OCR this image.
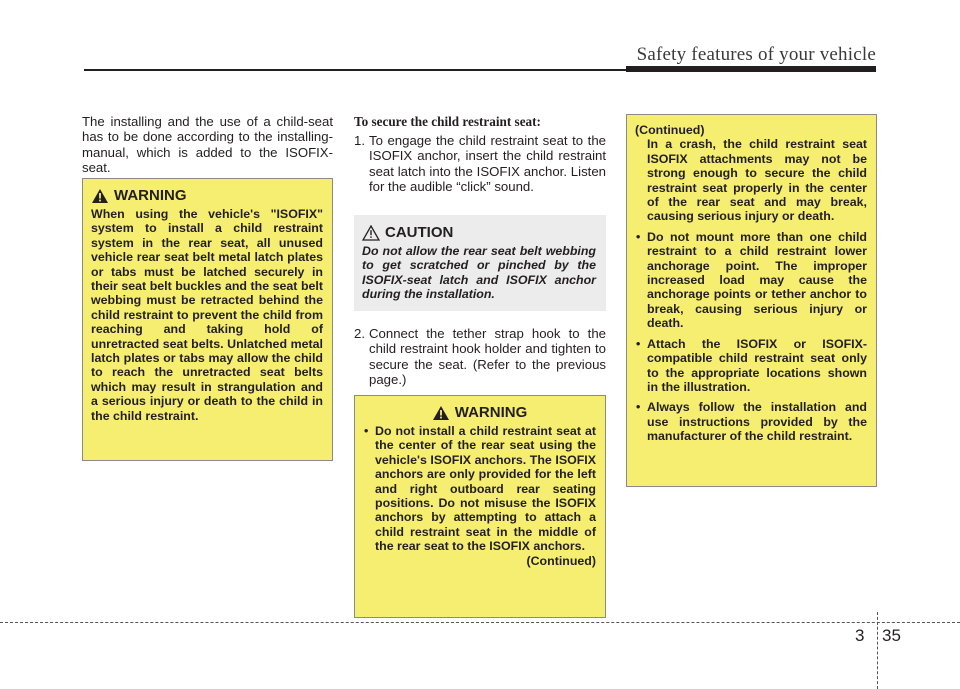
Safety features of your vehicle

The installing and the use of a child-seat has to be done according to the installing-manual, which is added to the ISOFIX-seat.

WARNING

When using the vehicle's "ISOFIX" system to install a child restraint system in the rear seat, all unused vehicle rear seat belt metal latch plates or tabs must be latched securely in their seat belt buckles and the seat belt webbing must be retracted behind the child restraint to prevent the child from reaching and taking hold of unretracted seat belts. Unlatched metal latch plates or tabs may allow the child to reach the unretracted seat belts which may result in strangulation and a serious injury or death to the child in the child restraint.

To secure the child restraint seat:

1. To engage the child restraint seat to the ISOFIX anchor, insert the child restraint seat latch into the ISOFIX anchor. Listen for the audible “click” sound.
CAUTION

Do not allow the rear seat belt webbing to get scratched or pinched by the ISOFIX-seat latch and ISOFIX anchor during the installation.

2. Connect the tether strap hook to the child restraint hook holder and tighten to secure the seat. (Refer to the previous page.)
WARNING
• Do not install a child restraint seat at the center of the rear seat using the vehicle's ISOFIX anchors. The ISOFIX anchors are only provided for the left and right outboard rear seating positions. Do not misuse the ISOFIX anchors by attempting to attach a child restraint seat in the middle of the rear seat to the ISOFIX anchors.

(Continued)

(Continued)

In a crash, the child restraint seat ISOFIX attachments may not be strong enough to secure the child restraint seat properly in the center of the rear seat and may break, causing serious injury or death.

• Do not mount more than one child restraint to a child restraint lower anchorage point. The improper increased load may cause the anchorage points or tether anchor to break, causing serious injury or death.
• Attach the ISOFIX or ISOFIX-compatible child restraint seat only to the appropriate locations shown in the illustration.
• Always follow the installation and use instructions provided by the manufacturer of the child restraint.
3 35
